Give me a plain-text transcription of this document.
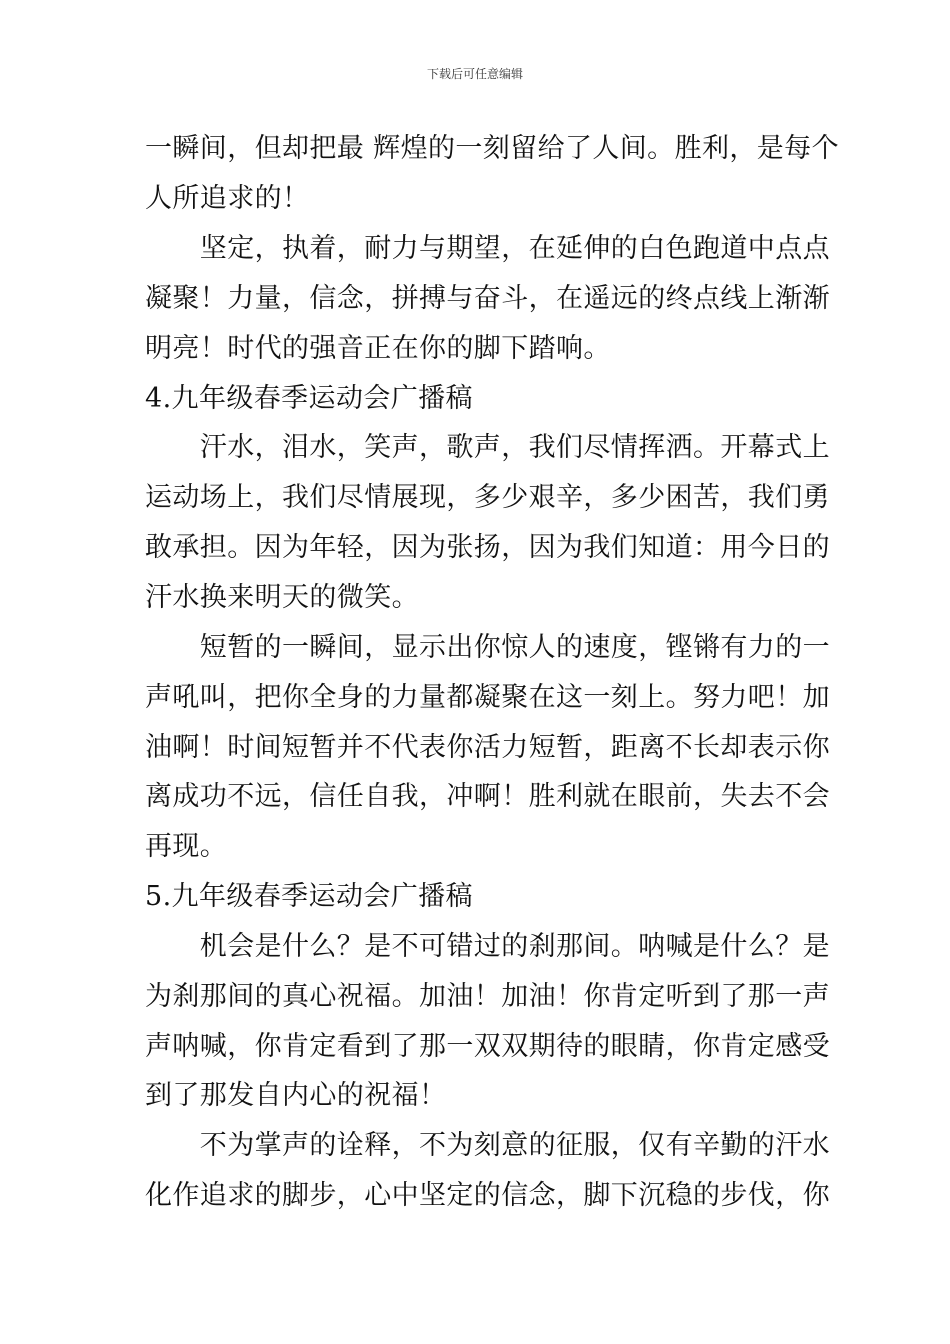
下载后可任意编辑
一瞬间，但却把最 辉煌的一刻留给了人间。胜利，是每个
人所追求的！
　　坚定，执着，耐力与期望，在延伸的白色跑道中点点
凝聚！力量，信念，拼搏与奋斗，在遥远的终点线上渐渐
明亮！时代的强音正在你的脚下踏响。
4.九年级春季运动会广播稿
　　汗水，泪水，笑声，歌声，我们尽情挥洒。开幕式上
运动场上，我们尽情展现，多少艰辛，多少困苦，我们勇
敢承担。因为年轻，因为张扬，因为我们知道：用今日的
汗水换来明天的微笑。
　　短暂的一瞬间，显示出你惊人的速度，铿锵有力的一
声吼叫，把你全身的力量都凝聚在这一刻上。努力吧！加
油啊！时间短暂并不代表你活力短暂，距离不长却表示你
离成功不远，信任自我，冲啊！胜利就在眼前，失去不会
再现。
5.九年级春季运动会广播稿
　　机会是什么？是不可错过的刹那间。呐喊是什么？是
为刹那间的真心祝福。加油！加油！你肯定听到了那一声
声呐喊，你肯定看到了那一双双期待的眼睛，你肯定感受
到了那发自内心的祝福！
　　不为掌声的诠释，不为刻意的征服，仅有辛勤的汗水
化作追求的脚步，心中坚定的信念，脚下沉稳的步伐，你
